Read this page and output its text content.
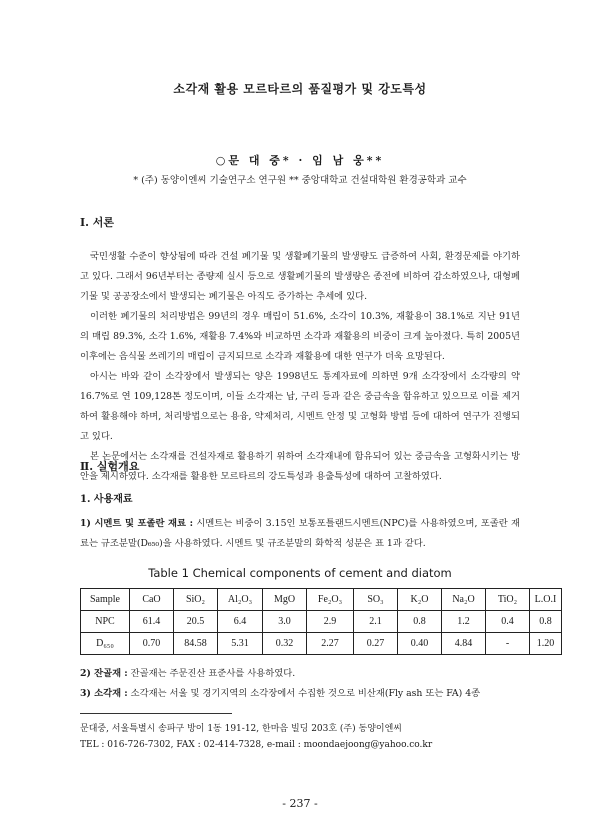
소각재 활용 모르타르의 품질평가 및 강도특성
○문 대 중* · 임 남 웅**
* (주) 동양이엔씨 기술연구소 연구원 ** 중앙대학교 건설대학원 환경공학과 교수
Ⅰ. 서론

국민생활 수준이 향상됨에 따라 건설 폐기물 및 생활폐기물의 발생량도 급증하여 사회, 환경문제를 야기하고 있다. 그래서 96년부터는 종량제 실시 등으로 생활폐기물의 발생량은 종전에 비하여 감소하였으나, 대형폐기물 및 공공장소에서 발생되는 폐기물은 아직도 증가하는 추세에 있다.

이러한 폐기물의 처리방법은 99년의 경우 매립이 51.6%, 소각이 10.3%, 재활용이 38.1%로 지난 91년의 매립 89.3%, 소각 1.6%, 재활용 7.4%와 비교하면 소각과 재활용의 비중이 크게 높아졌다. 특히 2005년 이후에는 음식물 쓰레기의 매립이 금지되므로 소각과 재활용에 대한 연구가 더욱 요망된다.

아시는 바와 같이 소각장에서 발생되는 양은 1998년도 통계자료에 의하면 9개 소각장에서 소각량의 약 16.7%로 연 109,128톤 정도이며, 이들 소각재는 납, 구리 등과 같은 중금속을 함유하고 있으므로 이를 제거하여 활용해야 하며, 처리방법으로는 용융, 약제처리, 시멘트 안정 및 고형화 방법 등에 대하여 연구가 진행되고 있다.

본 논문에서는 소각재를 건설자재로 활용하기 위하여 소각재내에 함유되어 있는 중금속을 고형화시키는 방안을 제시하였다. 소각재를 활용한 모르타르의 강도특성과 용출특성에 대하여 고찰하였다.

Ⅱ. 실험개요
1. 사용재료

1) 시멘트 및 포졸란 재료 : 시멘트는 비중이 3.15인 보통포틀랜드시멘트(NPC)를 사용하였으며, 포졸란 재료는 규조분말(D₆₅₀)을 사용하였다. 시멘트 및 규조분말의 화학적 성분은 표 1과 같다.

Table 1 Chemical components of cement and diatom
Sample	CaO	SiO₂	Al₂O₃	MgO	Fe₂O₃	SO₃	K₂O	Na₂O	TiO₂	L.O.I
NPC	61.4	20.5	6.4	3.0	2.9	2.1	0.8	1.2	0.4	0.8
D₆₅₀	0.70	84.58	5.31	0.32	2.27	0.27	0.40	4.84	-	1.20

2) 잔골재 : 잔골재는 주문진산 표준사를 사용하였다.

3) 소각재 : 소각재는 서울 및 경기지역의 소각장에서 수집한 것으로 비산재(Fly ash 또는 FA) 4종

문대중, 서울특별시 송파구 방이 1동 191-12, 한마음 빌딩 203호 (주) 동양이엔씨
TEL : 016-726-7302, FAX : 02-414-7328, e-mail : moondaejoong@yahoo.co.kr
- 237 -
